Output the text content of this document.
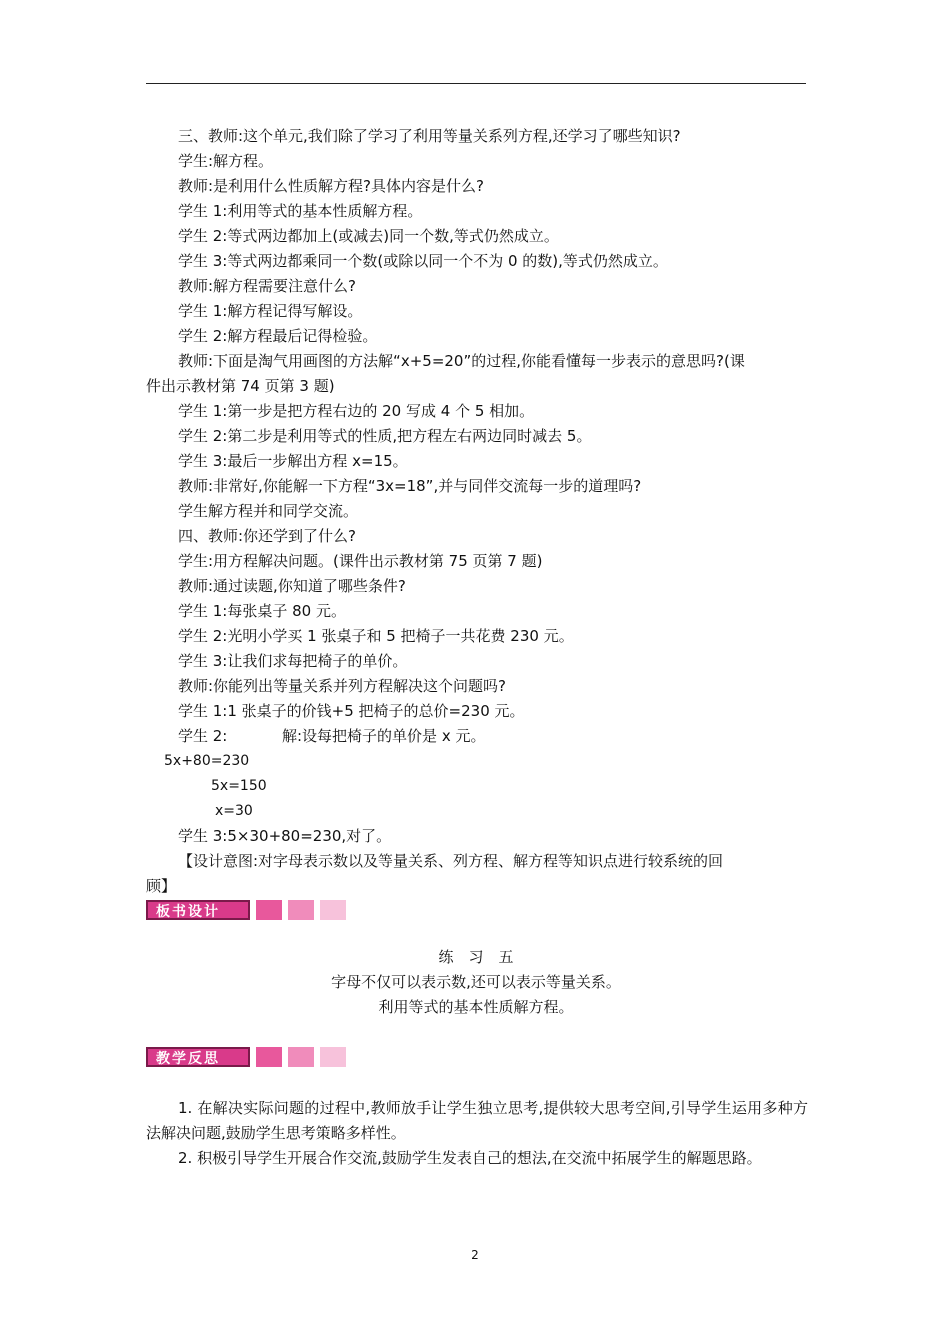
三、教师:这个单元,我们除了学习了利用等量关系列方程,还学习了哪些知识?
学生:解方程。
教师:是利用什么性质解方程?具体内容是什么?
学生 1:利用等式的基本性质解方程。
学生 2:等式两边都加上(或减去)同一个数,等式仍然成立。
学生 3:等式两边都乘同一个数(或除以同一个不为 0 的数),等式仍然成立。
教师:解方程需要注意什么?
学生 1:解方程记得写解设。
学生 2:解方程最后记得检验。
教师:下面是淘气用画图的方法解“x+5=20”的过程,你能看懂每一步表示的意思吗?(课
件出示教材第 74 页第 3 题)
学生 1:第一步是把方程右边的 20 写成 4 个 5 相加。
学生 2:第二步是利用等式的性质,把方程左右两边同时减去 5。
学生 3:最后一步解出方程 x=15。
教师:非常好,你能解一下方程“3x=18”,并与同伴交流每一步的道理吗?
学生解方程并和同学交流。
四、教师:你还学到了什么?
学生:用方程解决问题。(课件出示教材第 75 页第 7 题)
教师:通过读题,你知道了哪些条件?
学生 1:每张桌子 80 元。
学生 2:光明小学买 1 张桌子和 5 把椅子一共花费 230 元。
学生 3:让我们求每把椅子的单价。
教师:你能列出等量关系并列方程解决这个问题吗?
学生 1:1 张桌子的价钱+5 把椅子的总价=230 元。
学生 2:	解:设每把椅子的单价是 x 元。
5x+80=230
5x=150
x=30
学生 3:5×30+80=230,对了。
【设计意图:对字母表示数以及等量关系、列方程、解方程等知识点进行较系统的回
顾】
板书设计
练　习　五
字母不仅可以表示数,还可以表示等量关系。
利用等式的基本性质解方程。
教学反思
1. 在解决实际问题的过程中,教师放手让学生独立思考,提供较大思考空间,引导学生运用多种方法解决问题,鼓励学生思考策略多样性。
2. 积极引导学生开展合作交流,鼓励学生发表自己的想法,在交流中拓展学生的解题思路。
2
